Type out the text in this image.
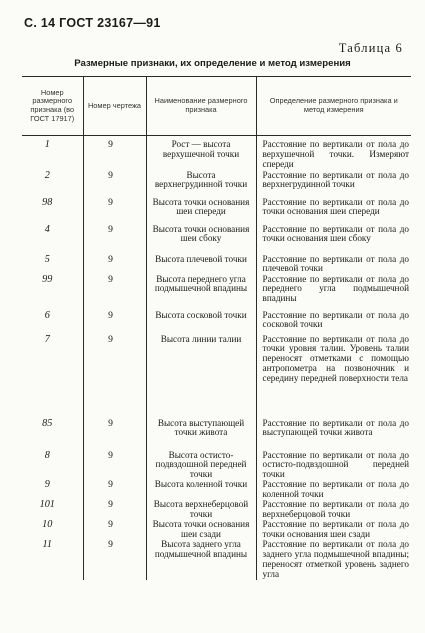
С. 14 ГОСТ 23167—91
Таблица 6
Размерные признаки, их определение и метод измерения
Номер размерного признака (во ГОСТ 17917)	Номер чертежа	Наименование размерного признака	Определение размерного признака и метод измерения
1	9	Рост — высота верхушечной точки	Расстояние по вертикали от пола до верхушечной точки. Измеряют спереди
2	9	Высота верхнегрудинной точки	Расстояние по вертикали от пола до верхнегрудинной точки
98	9	Высота точки основания шеи спереди	Расстояние по вертикали от пола до точки основания шеи спереди
4	9	Высота точки основания шеи сбоку	Расстояние по вертикали от пола до точки основания шеи сбоку
5	9	Высота плечевой точки	Расстояние по вертикали от пола до плечевой точки
99	9	Высота переднего угла подмышечной впадины	Расстояние по вертикали от пола до переднего угла подмышечной впадины
6	9	Высота сосковой точки	Расстояние по вертикали от пола до сосковой точки
7	9	Высота линии талии	Расстояние по вертикали от пола до точки уровня талии. Уровень талии переносят отметками с помощью антропометра на позвоночник и середину передней поверхности тела
85	9	Высота выступающей точки живота	Расстояние по вертикали от пола до выступающей точки живота
8	9	Высота остисто-подвздошной передней точки	Расстояние по вертикали от пола до остисто-подвздошной передней точки
9	9	Высота коленной точки	Расстояние по вертикали от пола до коленной точки
101	9	Высота верхнеберцовой точки	Расстояние по вертикали от пола до верхнеберцовой точки
10	9	Высота точки основания шеи сзади	Расстояние по вертикали от пола до точки основания шеи сзади
11	9	Высота заднего угла подмышечной впадины	Расстояние по вертикали от пола до заднего угла подмышечной впадины; переносят отметкой уровень заднего угла
